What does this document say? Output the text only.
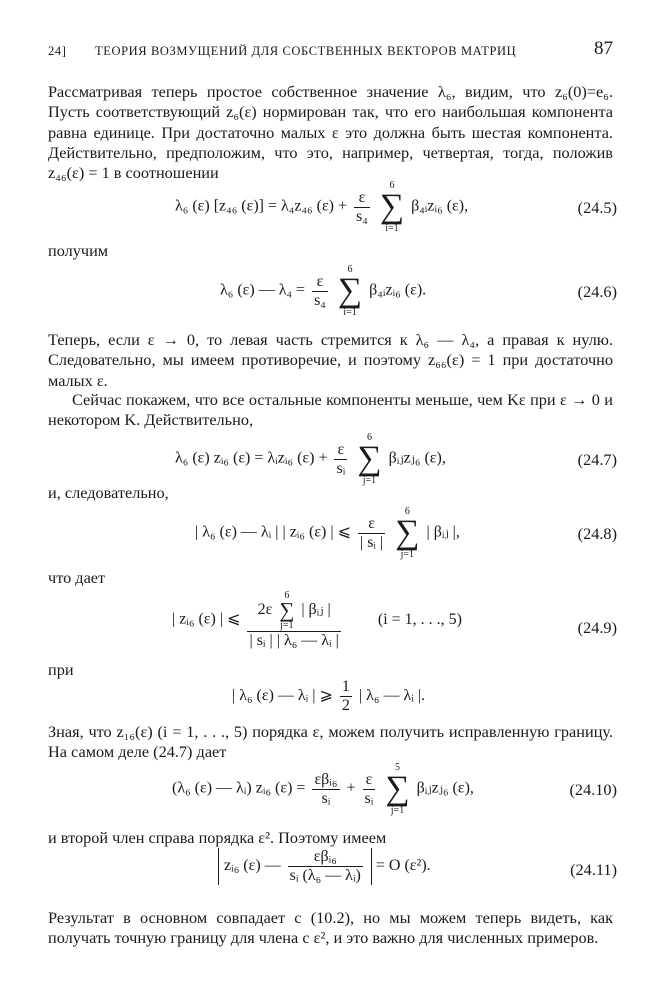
24] ТЕОРИЯ ВОЗМУЩЕНИЙ ДЛЯ СОБСТВЕННЫХ ВЕКТОРОВ МАТРИЦ	87
Рассматривая теперь простое собственное значение λ₆, видим, что z₆(0)=e₆. Пусть соответствующий z₆(ε) нормирован так, что его наибольшая компонента равна единице. При достаточно малых ε это должна быть шестая компонента. Действительно, предположим, что это, например, четвертая, тогда, положив z₄₆(ε) = 1 в соотношении
λ₆ (ε) [z₄₆ (ε)] = λ₄z₄₆ $(\varepsilon) + \frac{\varepsilon}{\text{s₄}}$

6
∑
i=1
β₄ᵢzᵢ₆ (ε),	(24.5)
получим
λ₆ (ε) — $\lambda_4 = \frac{\varepsilon}{\text{s₄}}$

6
∑
i=1
β₄ᵢzᵢ₆ (ε).	(24.6)
Теперь, если ε → 0, то левая часть стремится к λ₆ — λ₄, а правая к нулю. Следовательно, мы имеем противоречие, и поэтому z₆₆(ε) = 1 при достаточно малых ε.
Сейчас покажем, что все остальные компоненты меньше, чем Kε при ε → 0 и некотором K. Действительно,
λ₆ (ε) zᵢ₆ (ε) = λᵢzᵢ₆ $(\varepsilon) + \frac{\varepsilon}{\text{sᵢ}}$

6
∑
j=1
βᵢⱼzⱼ₆ (ε),	(24.7)
и, следовательно,
| λ₆ (ε) — λᵢ | | zᵢ₆ (ε) | ⩽ $\frac{\varepsilon}{\text{| sᵢ |}}$

6
∑
j=1
| βᵢⱼ |,	(24.8)
что дает
| zᵢ₆ (ε) | ⩽
2ε
6
∑
j=1
| βᵢⱼ |
| sᵢ | | λ₆ — λᵢ |
(i = 1, . . ., 5)	(24.9)
при
| λ₆ (ε) — λᵢ | ⩾ $\frac{1}{2}$ | λ₆ — λᵢ |.
Зная, что z₁₆(ε) (i = 1, . . ., 5) порядка ε, можем получить исправленную границу. На самом деле (24.7) дает
(λ₆ (ε) — λᵢ) zᵢ₆ $(\varepsilon) = \frac{\text{εβᵢ₆}}{\text{sᵢ}} + \frac{\varepsilon}{\text{sᵢ}}$

5
∑
j=1
βᵢⱼzⱼ₆ (ε),	(24.10)
и второй член справа порядка ε². Поэтому имеем
zᵢ₆ (ε) — $\frac{\text{εβᵢ₆}}{\text{sᵢ (λ₆ — λᵢ)}} = O$ (ε²).	(24.11)
Результат в основном совпадает с (10.2), но мы можем теперь видеть, как получать точную границу для члена с ε², и это важно для численных примеров.
